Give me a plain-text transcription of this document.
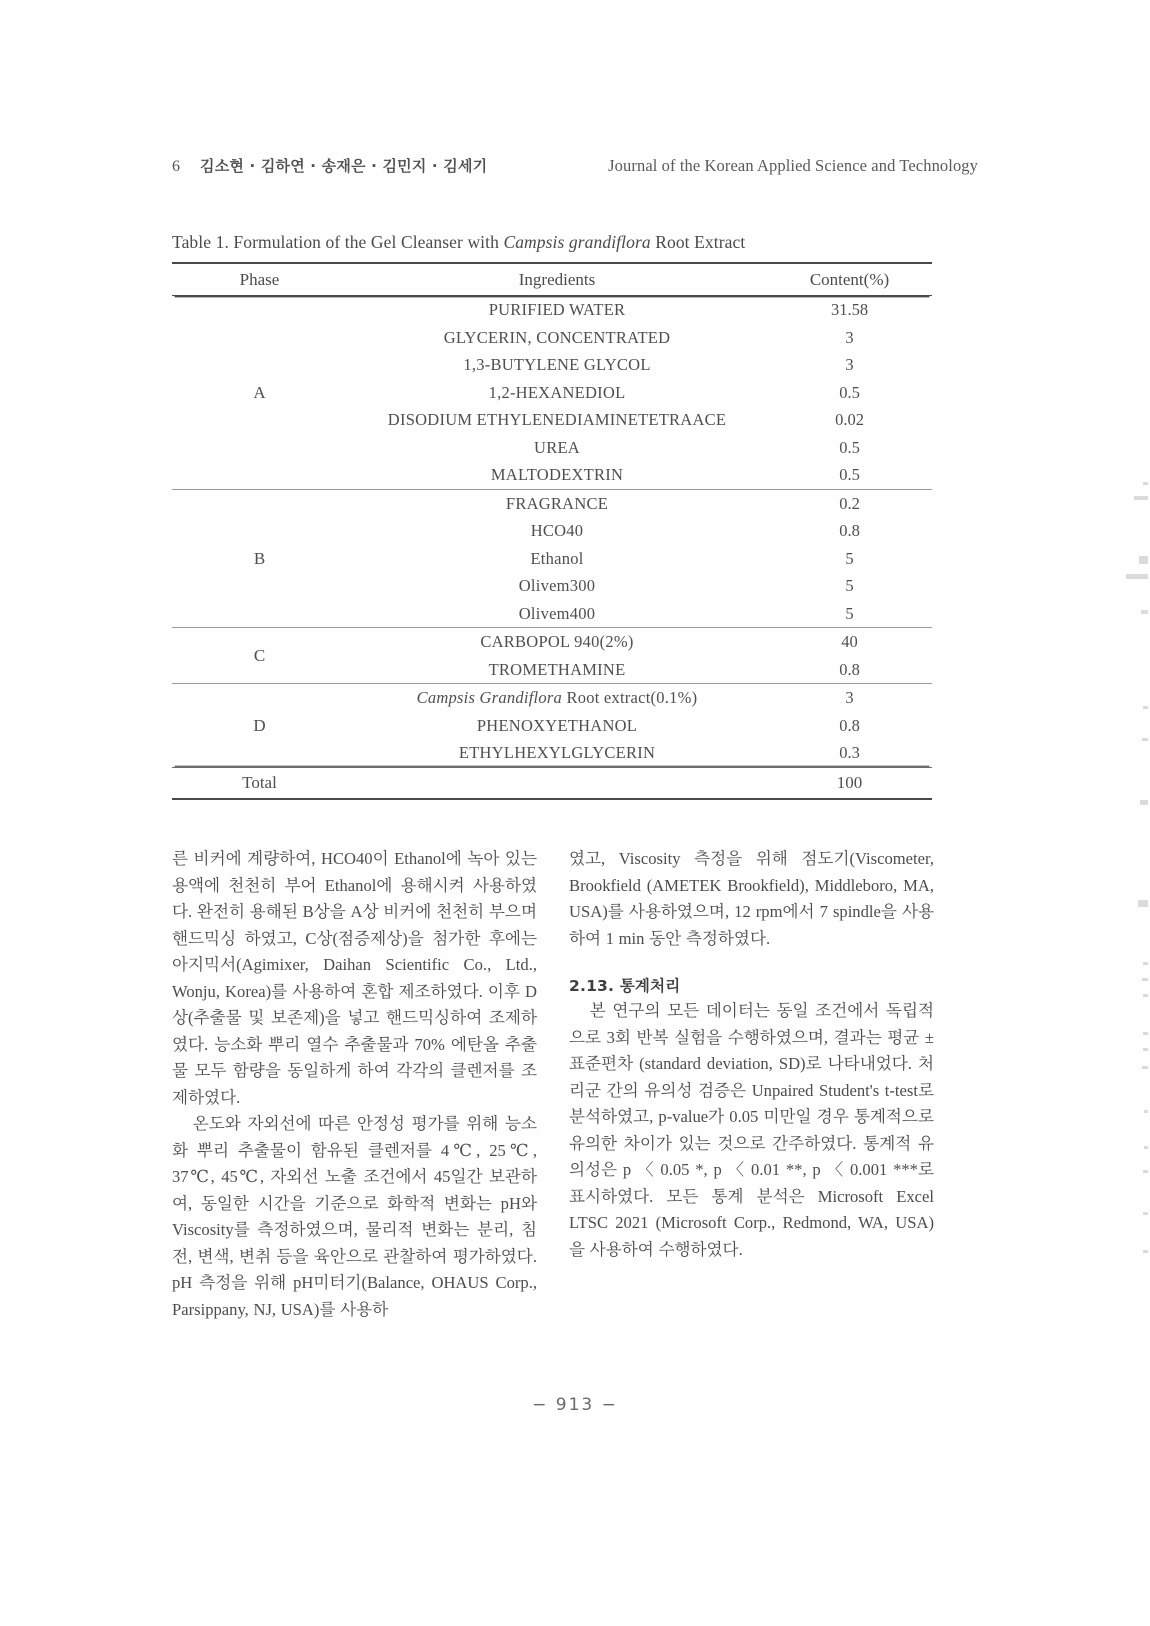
6 김소현 · 김하연 · 송재은 · 김민지 · 김세기	Journal of the Korean Applied Science and Technology
Table 1. Formulation of the Gel Cleanser with Campsis grandiflora Root Extract
Phase	Ingredients	Content(%)
A	PURIFIED WATER	31.58
	GLYCERIN, CONCENTRATED	3
	1,3-BUTYLENE GLYCOL	3
	1,2-HEXANEDIOL	0.5
	DISODIUM ETHYLENEDIAMINETETRAACE	0.02
	UREA	0.5
	MALTODEXTRIN	0.5
B	FRAGRANCE	0.2
	HCO40	0.8
	Ethanol	5
	Olivem300	5
	Olivem400	5
C	CARBOPOL 940(2%)	40
	TROMETHAMINE	0.8
D	Campsis Grandiflora Root extract(0.1%)	3
	PHENOXYETHANOL	0.8
	ETHYLHEXYLGLYCERIN	0.3
Total		100

른 비커에 계량하여, HCO40이 Ethanol에 녹아 있는 용액에 천천히 부어 Ethanol에 용해시켜 사용하였다. 완전히 용해된 B상을 A상 비커에 천천히 부으며 핸드믹싱 하였고, C상(점증제상)을 첨가한 후에는 아지믹서(Agimixer, Daihan Scientific Co., Ltd., Wonju, Korea)를 사용하여 혼합 제조하였다. 이후 D상(추출물 및 보존제)을 넣고 핸드믹싱하여 조제하였다. 능소화 뿌리 열수 추출물과 70% 에탄올 추출물 모두 함량을 동일하게 하여 각각의 클렌저를 조제하였다.

온도와 자외선에 따른 안정성 평가를 위해 능소화 뿌리 추출물이 함유된 클렌저를 4℃, 25℃, 37℃, 45℃, 자외선 노출 조건에서 45일간 보관하여, 동일한 시간을 기준으로 화학적 변화는 pH와 Viscosity를 측정하였으며, 물리적 변화는 분리, 침전, 변색, 변취 등을 육안으로 관찰하여 평가하였다. pH 측정을 위해 pH미터기(Balance, OHAUS Corp., Parsippany, NJ, USA)를 사용하

였고, Viscosity 측정을 위해 점도기(Viscometer, Brookfield (AMETEK Brookfield), Middleboro, MA, USA)를 사용하였으며, 12 rpm에서 7 spindle을 사용하여 1 min 동안 측정하였다.

2.13. 통계처리

본 연구의 모든 데이터는 동일 조건에서 독립적으로 3회 반복 실험을 수행하였으며, 결과는 평균 ± 표준편차 (standard deviation, SD)로 나타내었다. 처리군 간의 유의성 검증은 Unpaired Student's t-test로 분석하였고, p-value가 0.05 미만일 경우 통계적으로 유의한 차이가 있는 것으로 간주하였다. 통계적 유의성은 p 〈 0.05 *, p 〈 0.01 **, p 〈 0.001 ***로 표시하였다. 모든 통계 분석은 Microsoft Excel LTSC 2021 (Microsoft Corp., Redmond, WA, USA)을 사용하여 수행하였다.

− 913 −
